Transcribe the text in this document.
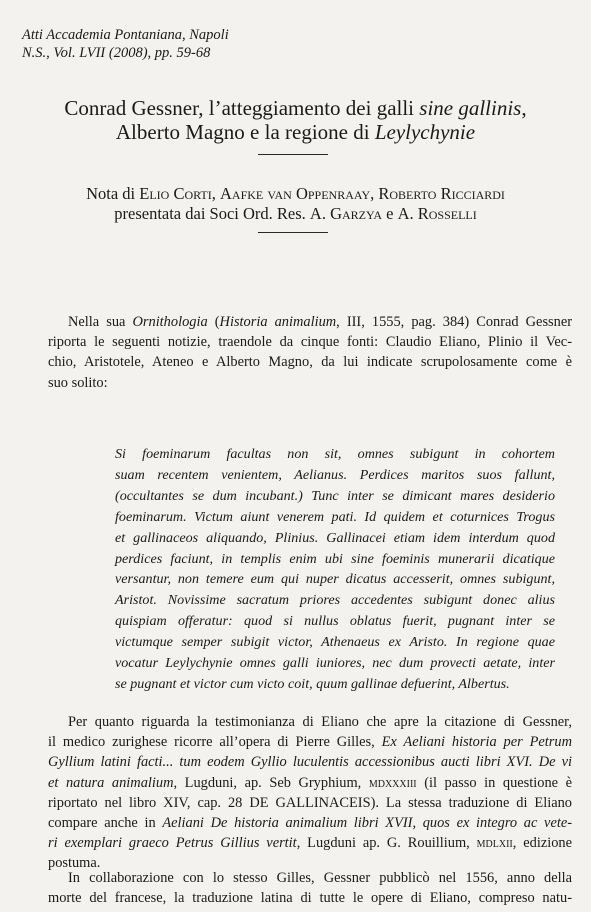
Atti Accademia Pontaniana, Napoli
N.S., Vol. LVII (2008), pp. 59-68
Conrad Gessner, l’atteggiamento dei galli sine gallinis,
Alberto Magno e la regione di Leylychynie
Nota di Elio Corti, Aafke van Oppenraay, Roberto Ricciardi
presentata dai Soci Ord. Res. A. Garzya e A. Rosselli
Nella sua Ornithologia (Historia animalium, III, 1555, pag. 384) Conrad Gessner
riporta le seguenti notizie, traendole da cinque fonti: Claudio Eliano, Plinio il Vec-
chio, Aristotele, Ateneo e Alberto Magno, da lui indicate scrupolosamente come è
suo solito:
Si foeminarum facultas non sit, omnes subigunt in cohortem
suam recentem venientem, Aelianus. Perdices maritos suos fallunt,
(occultantes se dum incubant.) Tunc inter se dimicant mares desiderio
foeminarum. Victum aiunt venerem pati. Id quidem et coturnices Trogus
et gallinaceos aliquando, Plinius. Gallinacei etiam idem interdum quod
perdices faciunt, in templis enim ubi sine foeminis munerarii dicatique
versantur, non temere eum qui nuper dicatus accesserit, omnes subigunt,
Aristot. Novissime sacratum priores accedentes subigunt donec alius
quispiam offeratur: quod si nullus oblatus fuerit, pugnant inter se
victumque semper subigit victor, Athenaeus ex Aristo. In regione quae
vocatur Leylychynie omnes galli iuniores, nec dum provecti aetate, inter
se pugnant et victor cum victo coit, quum gallinae defuerint, Albertus.
Per quanto riguarda la testimonianza di Eliano che apre la citazione di Gessner,
il medico zurighese ricorre all’opera di Pierre Gilles, Ex Aeliani historia per Petrum
Gyllium latini facti... tum eodem Gyllio luculentis accessionibus aucti libri XVI. De vi
et natura animalium, Lugduni, ap. Seb Gryphium, mdxxxiii (il passo in questione è
riportato nel libro XIV, cap. 28 DE GALLINACEIS). La stessa traduzione di Eliano
compare anche in Aeliani De historia animalium libri XVII, quos ex integro ac vete-
ri exemplari graeco Petrus Gillius vertit, Lugduni ap. G. Rouillium, mdlxii, edizione
postuma.
In collaborazione con lo stesso Gilles, Gessner pubblicò nel 1556, anno della
morte del francese, la traduzione latina di tutte le opere di Eliano, compreso natu-
